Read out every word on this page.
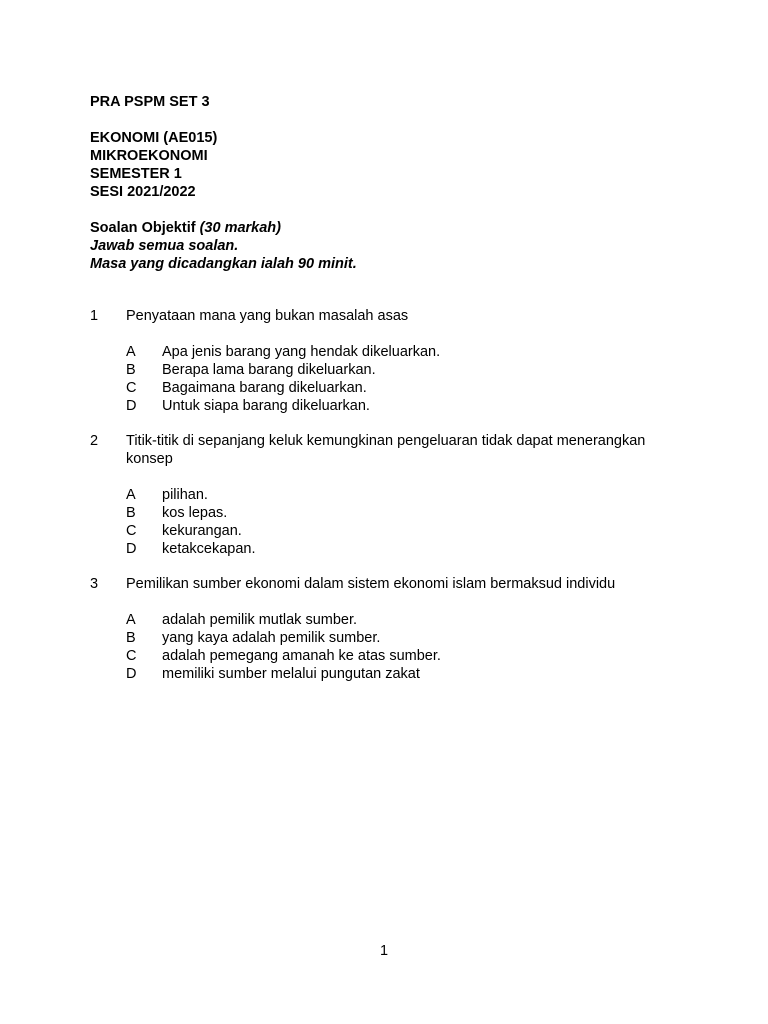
PRA PSPM SET 3
EKONOMI (AE015)
MIKROEKONOMI
SEMESTER 1
SESI 2021/2022
Soalan Objektif (30 markah)
Jawab semua soalan.
Masa yang dicadangkan ialah 90 minit.
1 Penyataan mana yang bukan masalah asas
A Apa jenis barang yang hendak dikeluarkan.
B Berapa lama barang dikeluarkan.
C Bagaimana barang dikeluarkan.
D Untuk siapa barang dikeluarkan.
2 Titik-titik di sepanjang keluk kemungkinan pengeluaran tidak dapat menerangkan konsep
A pilihan.
B kos lepas.
C kekurangan.
D ketakcekapan.
3 Pemilikan sumber ekonomi dalam sistem ekonomi islam bermaksud individu
A adalah pemilik mutlak sumber.
B yang kaya adalah pemilik sumber.
C adalah pemegang amanah ke atas sumber.
D memiliki sumber melalui pungutan zakat
1
